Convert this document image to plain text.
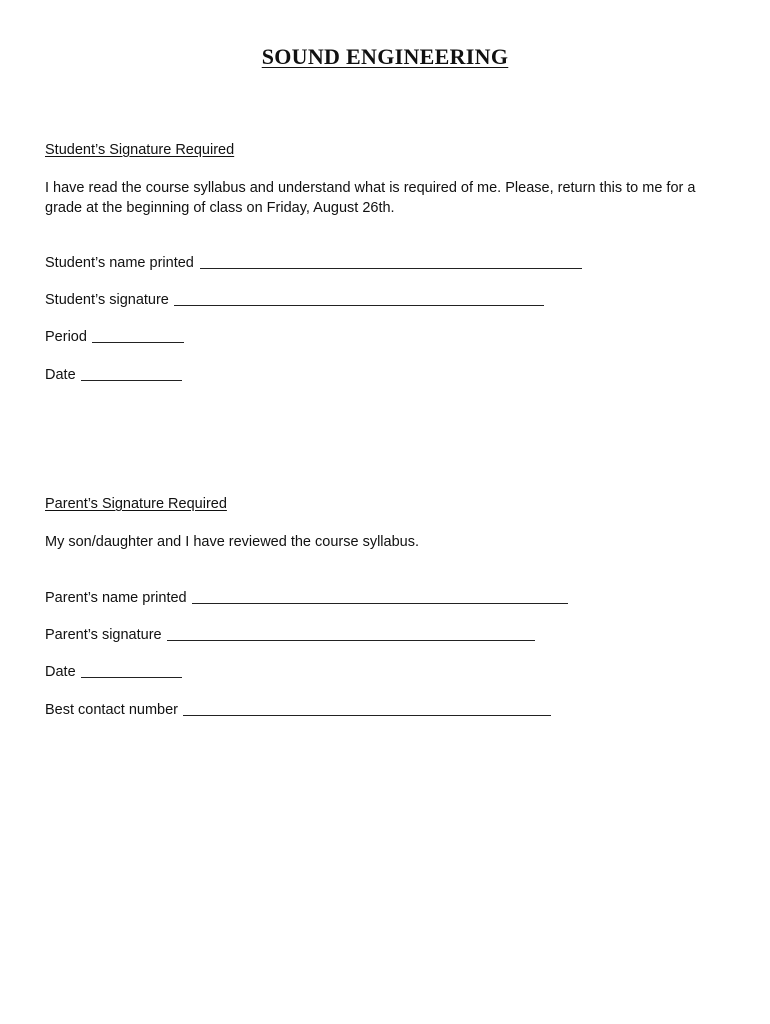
SOUND ENGINEERING
Student’s Signature Required
I have read the course syllabus and understand what is required of me. Please, return this to me for a grade at the beginning of class on Friday, August 26th.
Student’s name printed
Student’s signature
Period
Date
Parent’s Signature Required
My son/daughter and I have reviewed the course syllabus.
Parent’s name printed
Parent’s signature
Date
Best contact number
